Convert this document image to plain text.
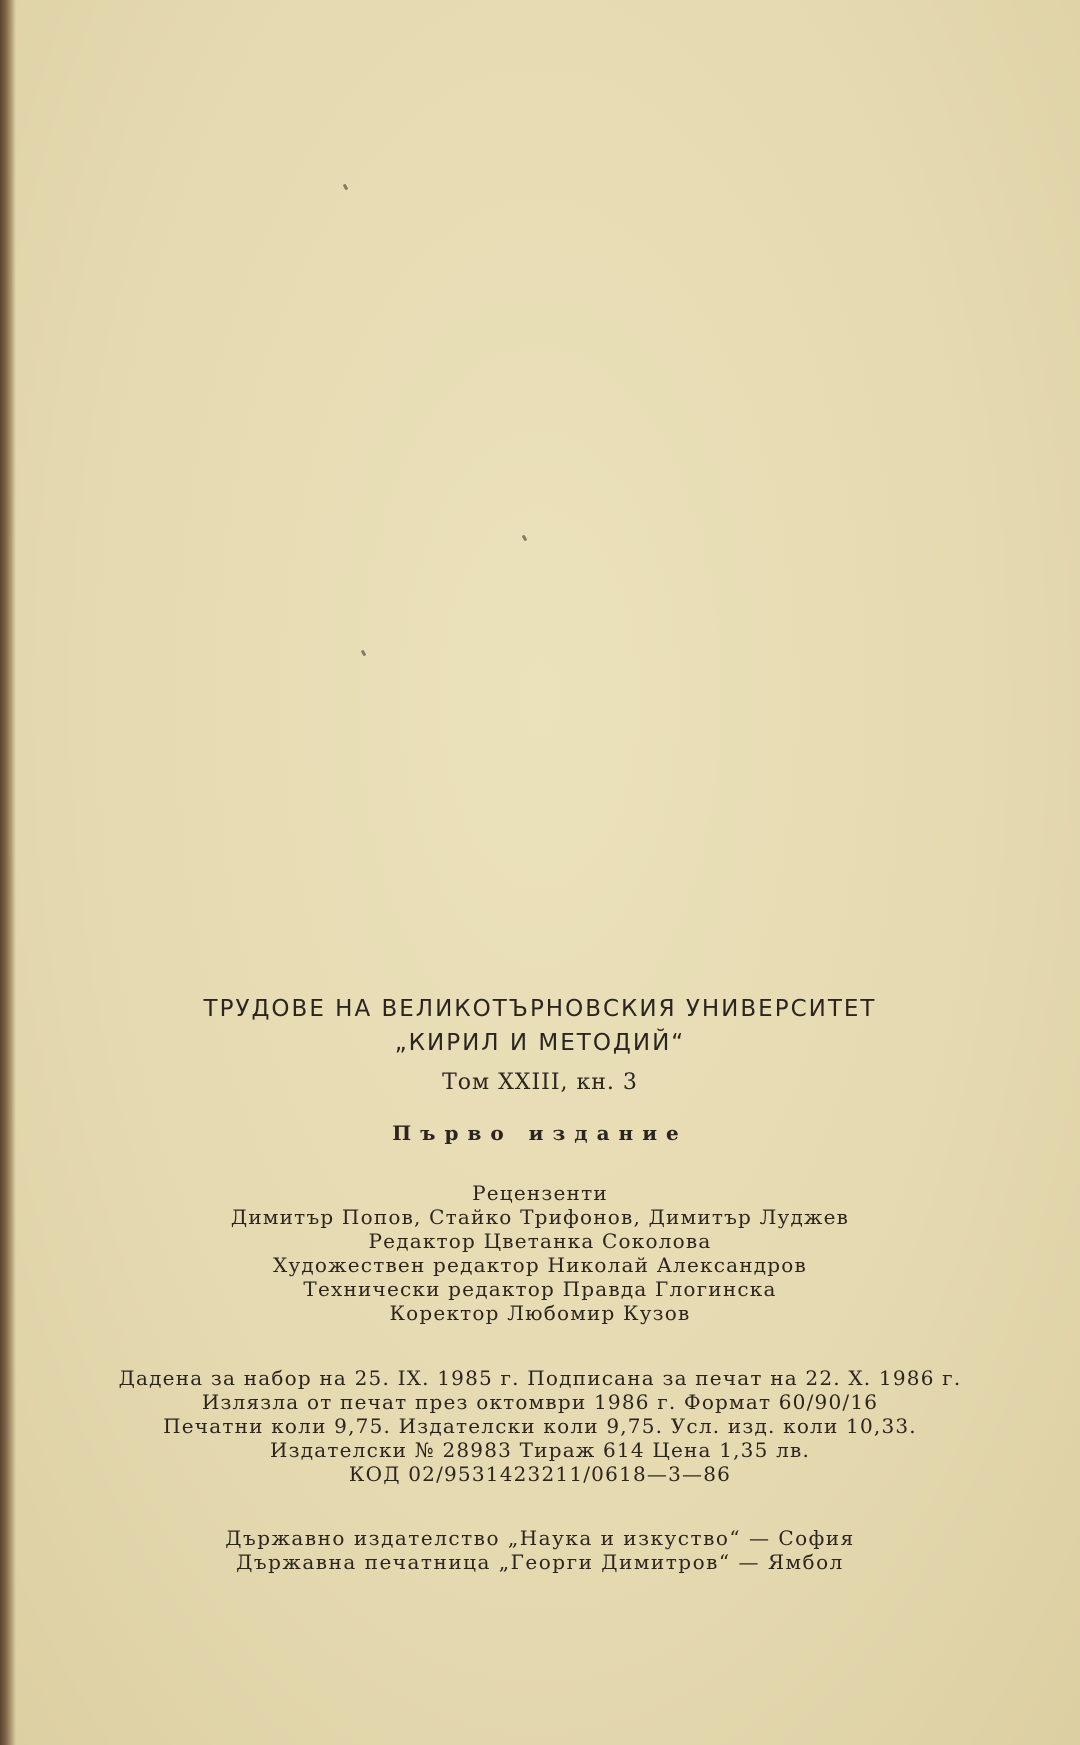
ТРУДОВЕ НА ВЕЛИКОТЪРНОВСКИЯ УНИВЕРСИТЕТ
„КИРИЛ И МЕТОДИЙ“
Том XXIII, кн. 3
Първо издание
Рецензенти
Димитър Попов, Стайко Трифонов, Димитър Луджев
Редактор Цветанка Соколова
Художествен редактор Николай Александров
Технически редактор Правда Глогинска
Коректор Любомир Кузов
Дадена за набор на 25. IX. 1985 г. Подписана за печат на 22. X. 1986 г.
Излязла от печат през октомври 1986 г. Формат 60/90/16
Печатни коли 9,75. Издателски коли 9,75. Усл. изд. коли 10,33.
Издателски № 28983 Тираж 614 Цена 1,35 лв.
КОД 02/9531423211/0618—3—86
Държавно издателство „Наука и изкуство“ — София
Държавна печатница „Георги Димитров“ — Ямбол
